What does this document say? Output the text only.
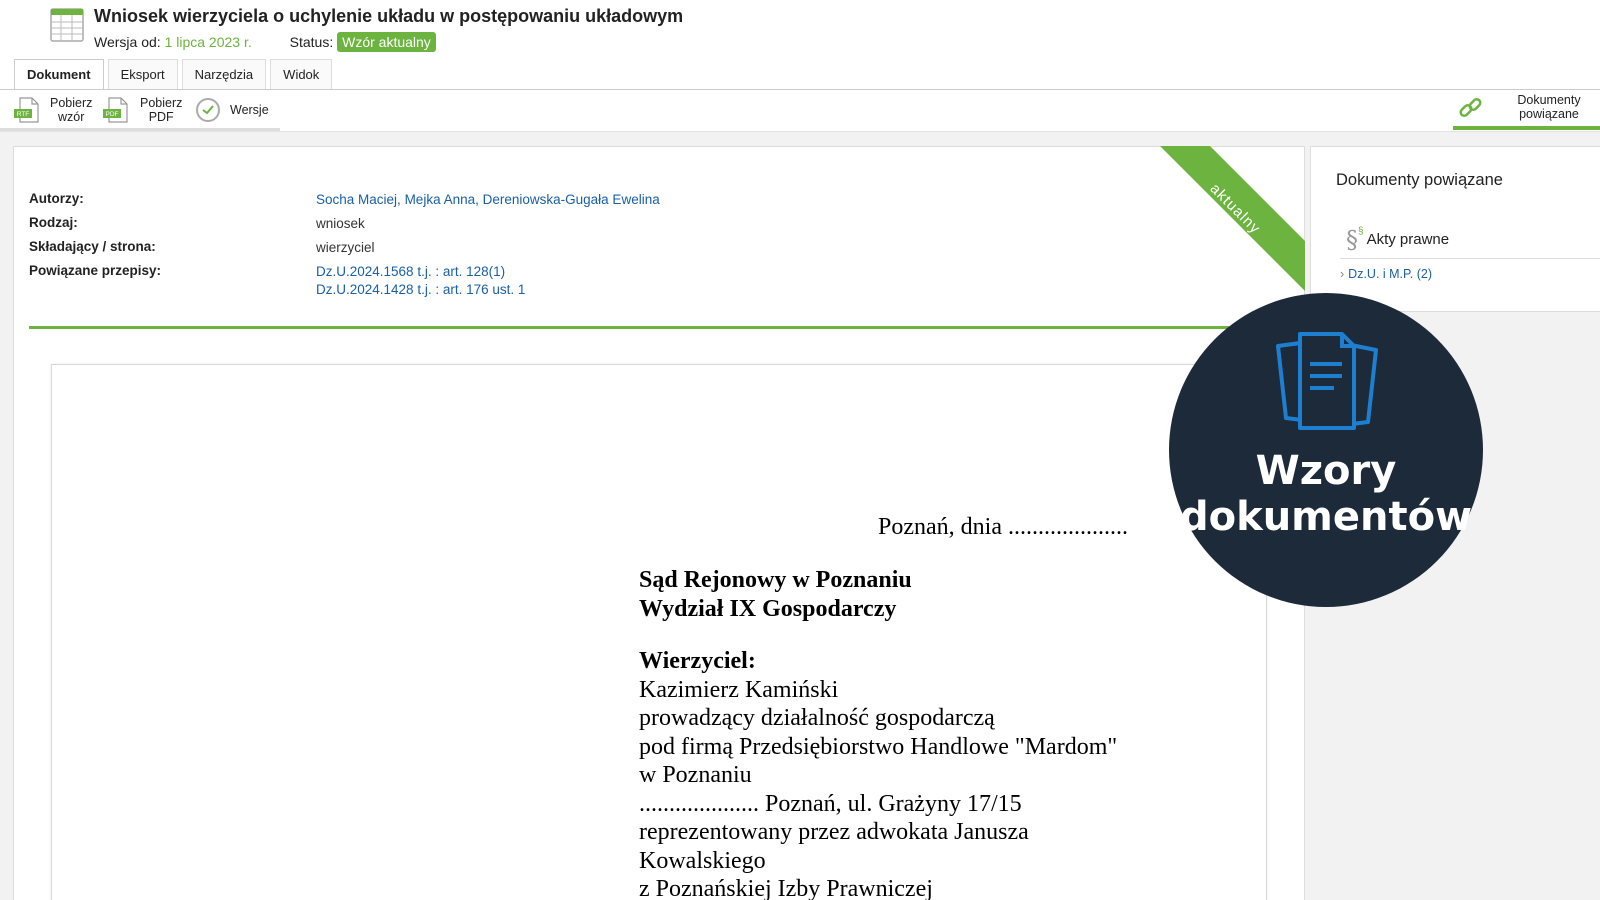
Wniosek wierzyciela o uchylenie układu w postępowaniu układowym
Wersja od: 1 lipca 2023 r.	Status: Wzór aktualny
Dokument	Eksport	Narzędzia	Widok
RTF
Pobierz
wzór	PDF
Pobierz
PDF	Wersje
Dokumenty
powiązane
Autorzy:	Socha Maciej, Mejka Anna, Dereniowska-Gugała Ewelina
Rodzaj:	wniosek
Składający / strona:	wierzyciel
Powiązane przepisy:	Dz.U.2024.1568 t.j. : art. 128(1)
Dz.U.2024.1428 t.j. : art. 176 ust. 1
aktualny
Poznań, dnia ....................
Sąd Rejonowy w Poznaniu
Wydział IX Gospodarczy
Wierzyciel:
Kazimierz Kamiński
prowadzący działalność gospodarczą
pod firmą Przedsiębiorstwo Handlowe "Mardom"
w Poznaniu
.................... Poznań, ul. Grażyny 17/15
reprezentowany przez adwokata Janusza
Kowalskiego
z Poznańskiej Izby Prawniczej
Dokumenty powiązane
§§ Akty prawne
› Dz.U. i M.P. (2)
Wzory
dokumentów
